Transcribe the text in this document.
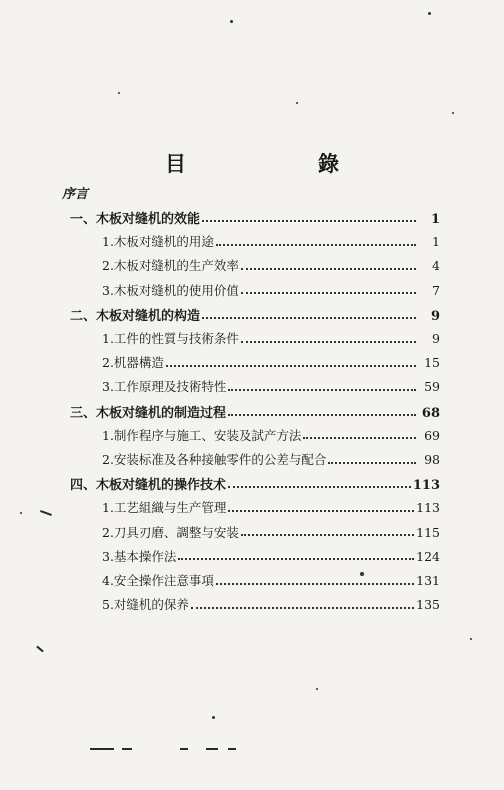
目　　錄
序言
一、木板对缝机的效能	1
1.木板对缝机的用途	1
2.木板对缝机的生产效率	4
3.木板对缝机的使用价值	7
二、木板对缝机的构造	9
1.工件的性質与技術条件	9
2.机器構造	15
3.工作原理及技術特性	59
三、木板对缝机的制造过程	68
1.制作程序与施工、安装及試产方法	69
2.安装标准及各种接触零件的公差与配合	98
四、木板对缝机的操作技术	113
1.工艺組織与生产管理	113
2.刀具刃磨、調整与安装	115
3.基本操作法	124
4.安全操作注意事項	131
5.对缝机的保养	135
